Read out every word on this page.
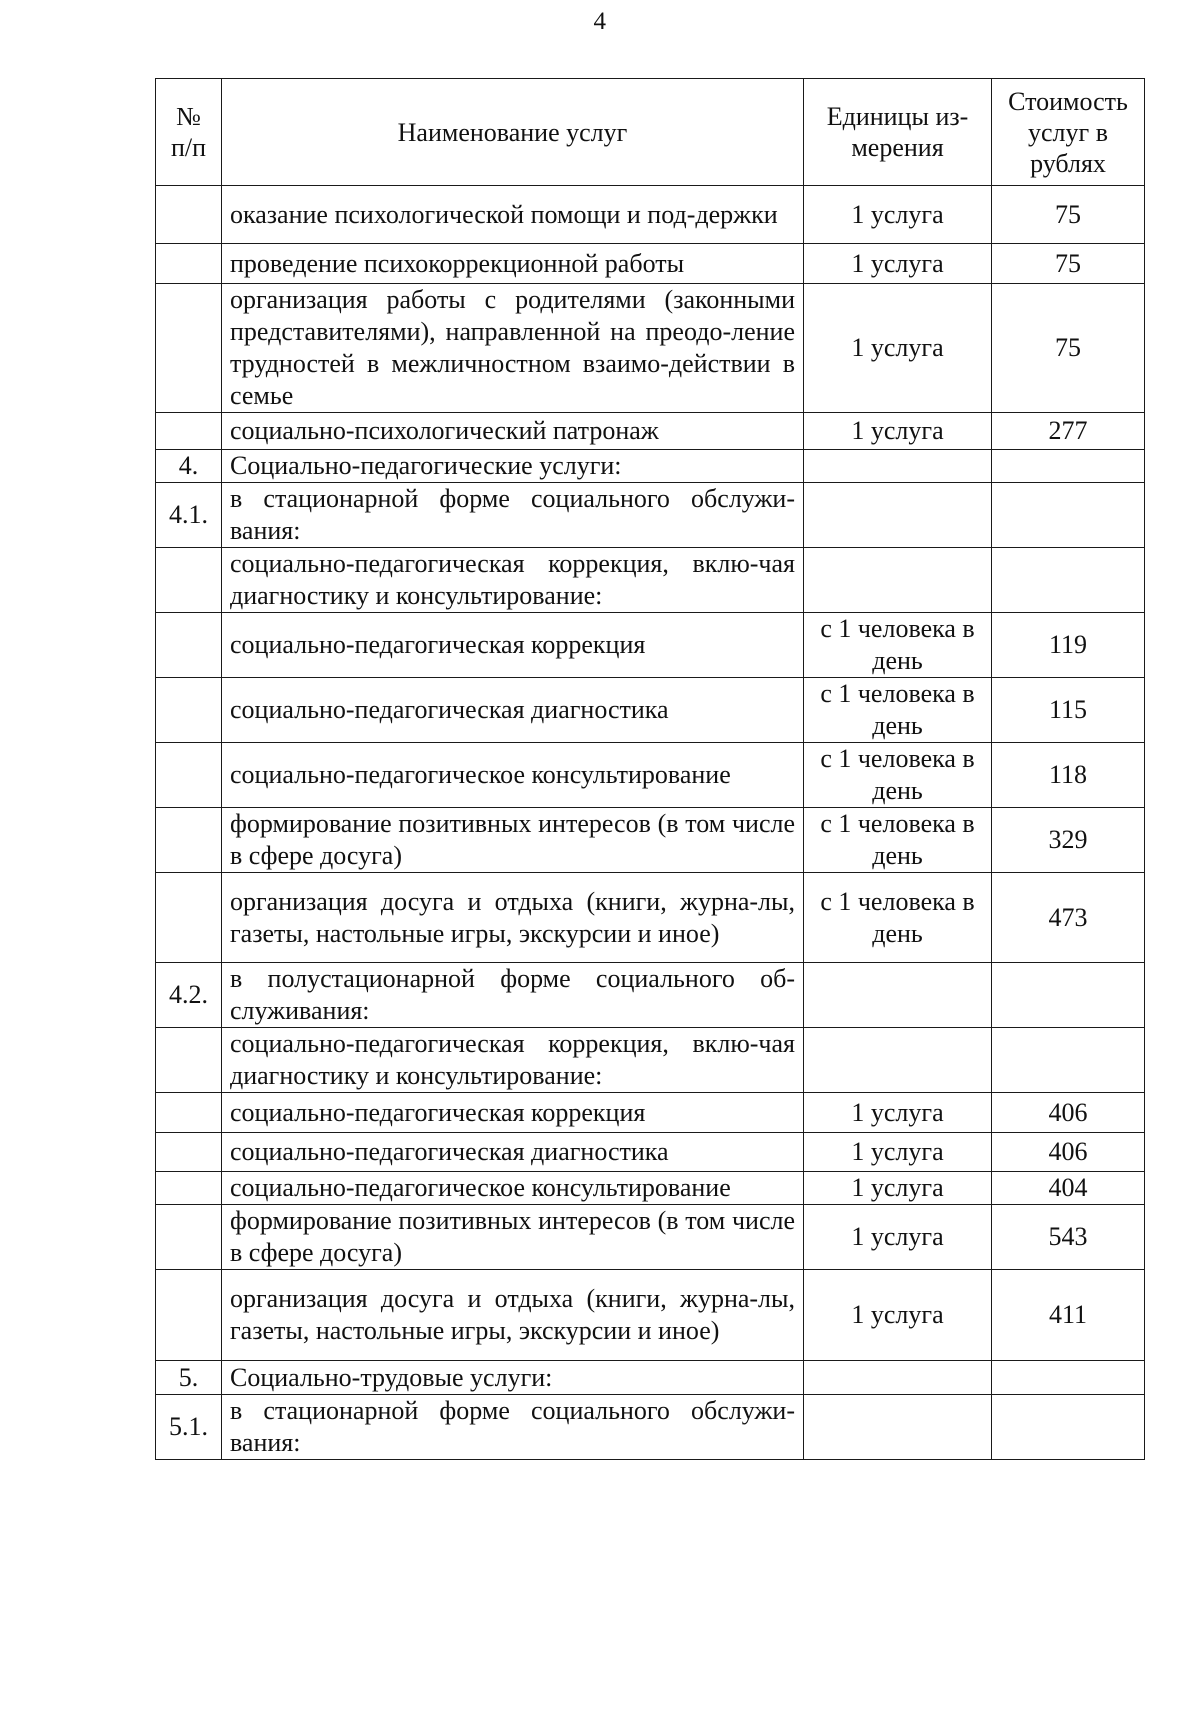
4
№ п/п	Наименование услуг	Единицы из-мерения	Стоимость услуг в рублях
	оказание психологической помощи и под-держки	1 услуга	75
	проведение психокоррекционной работы	1 услуга	75
	организация работы с родителями (законными представителями), направленной на преодо-ление трудностей в межличностном взаимо-действии в семье	1 услуга	75
	социально-психологический патронаж	1 услуга	277
4.	Социально-педагогические услуги:		
4.1.	в стационарной форме социального обслужи-вания:		
	социально-педагогическая коррекция, вклю-чая диагностику и консультирование:		
	социально-педагогическая коррекция	с 1 человека в день	119
	социально-педагогическая диагностика	с 1 человека в день	115
	социально-педагогическое консультирование	с 1 человека в день	118
	формирование позитивных интересов (в том числе в сфере досуга)	с 1 человека в день	329
	организация досуга и отдыха (книги, журна-лы, газеты, настольные игры, экскурсии и иное)	с 1 человека в день	473
4.2.	в полустационарной форме социального об-служивания:		
	социально-педагогическая коррекция, вклю-чая диагностику и консультирование:		
	социально-педагогическая коррекция	1 услуга	406
	социально-педагогическая диагностика	1 услуга	406
	социально-педагогическое консультирование	1 услуга	404
	формирование позитивных интересов (в том числе в сфере досуга)	1 услуга	543
	организация досуга и отдыха (книги, журна-лы, газеты, настольные игры, экскурсии и иное)	1 услуга	411
5.	Социально-трудовые услуги:		
5.1.	в стационарной форме социального обслужи-вания:		
